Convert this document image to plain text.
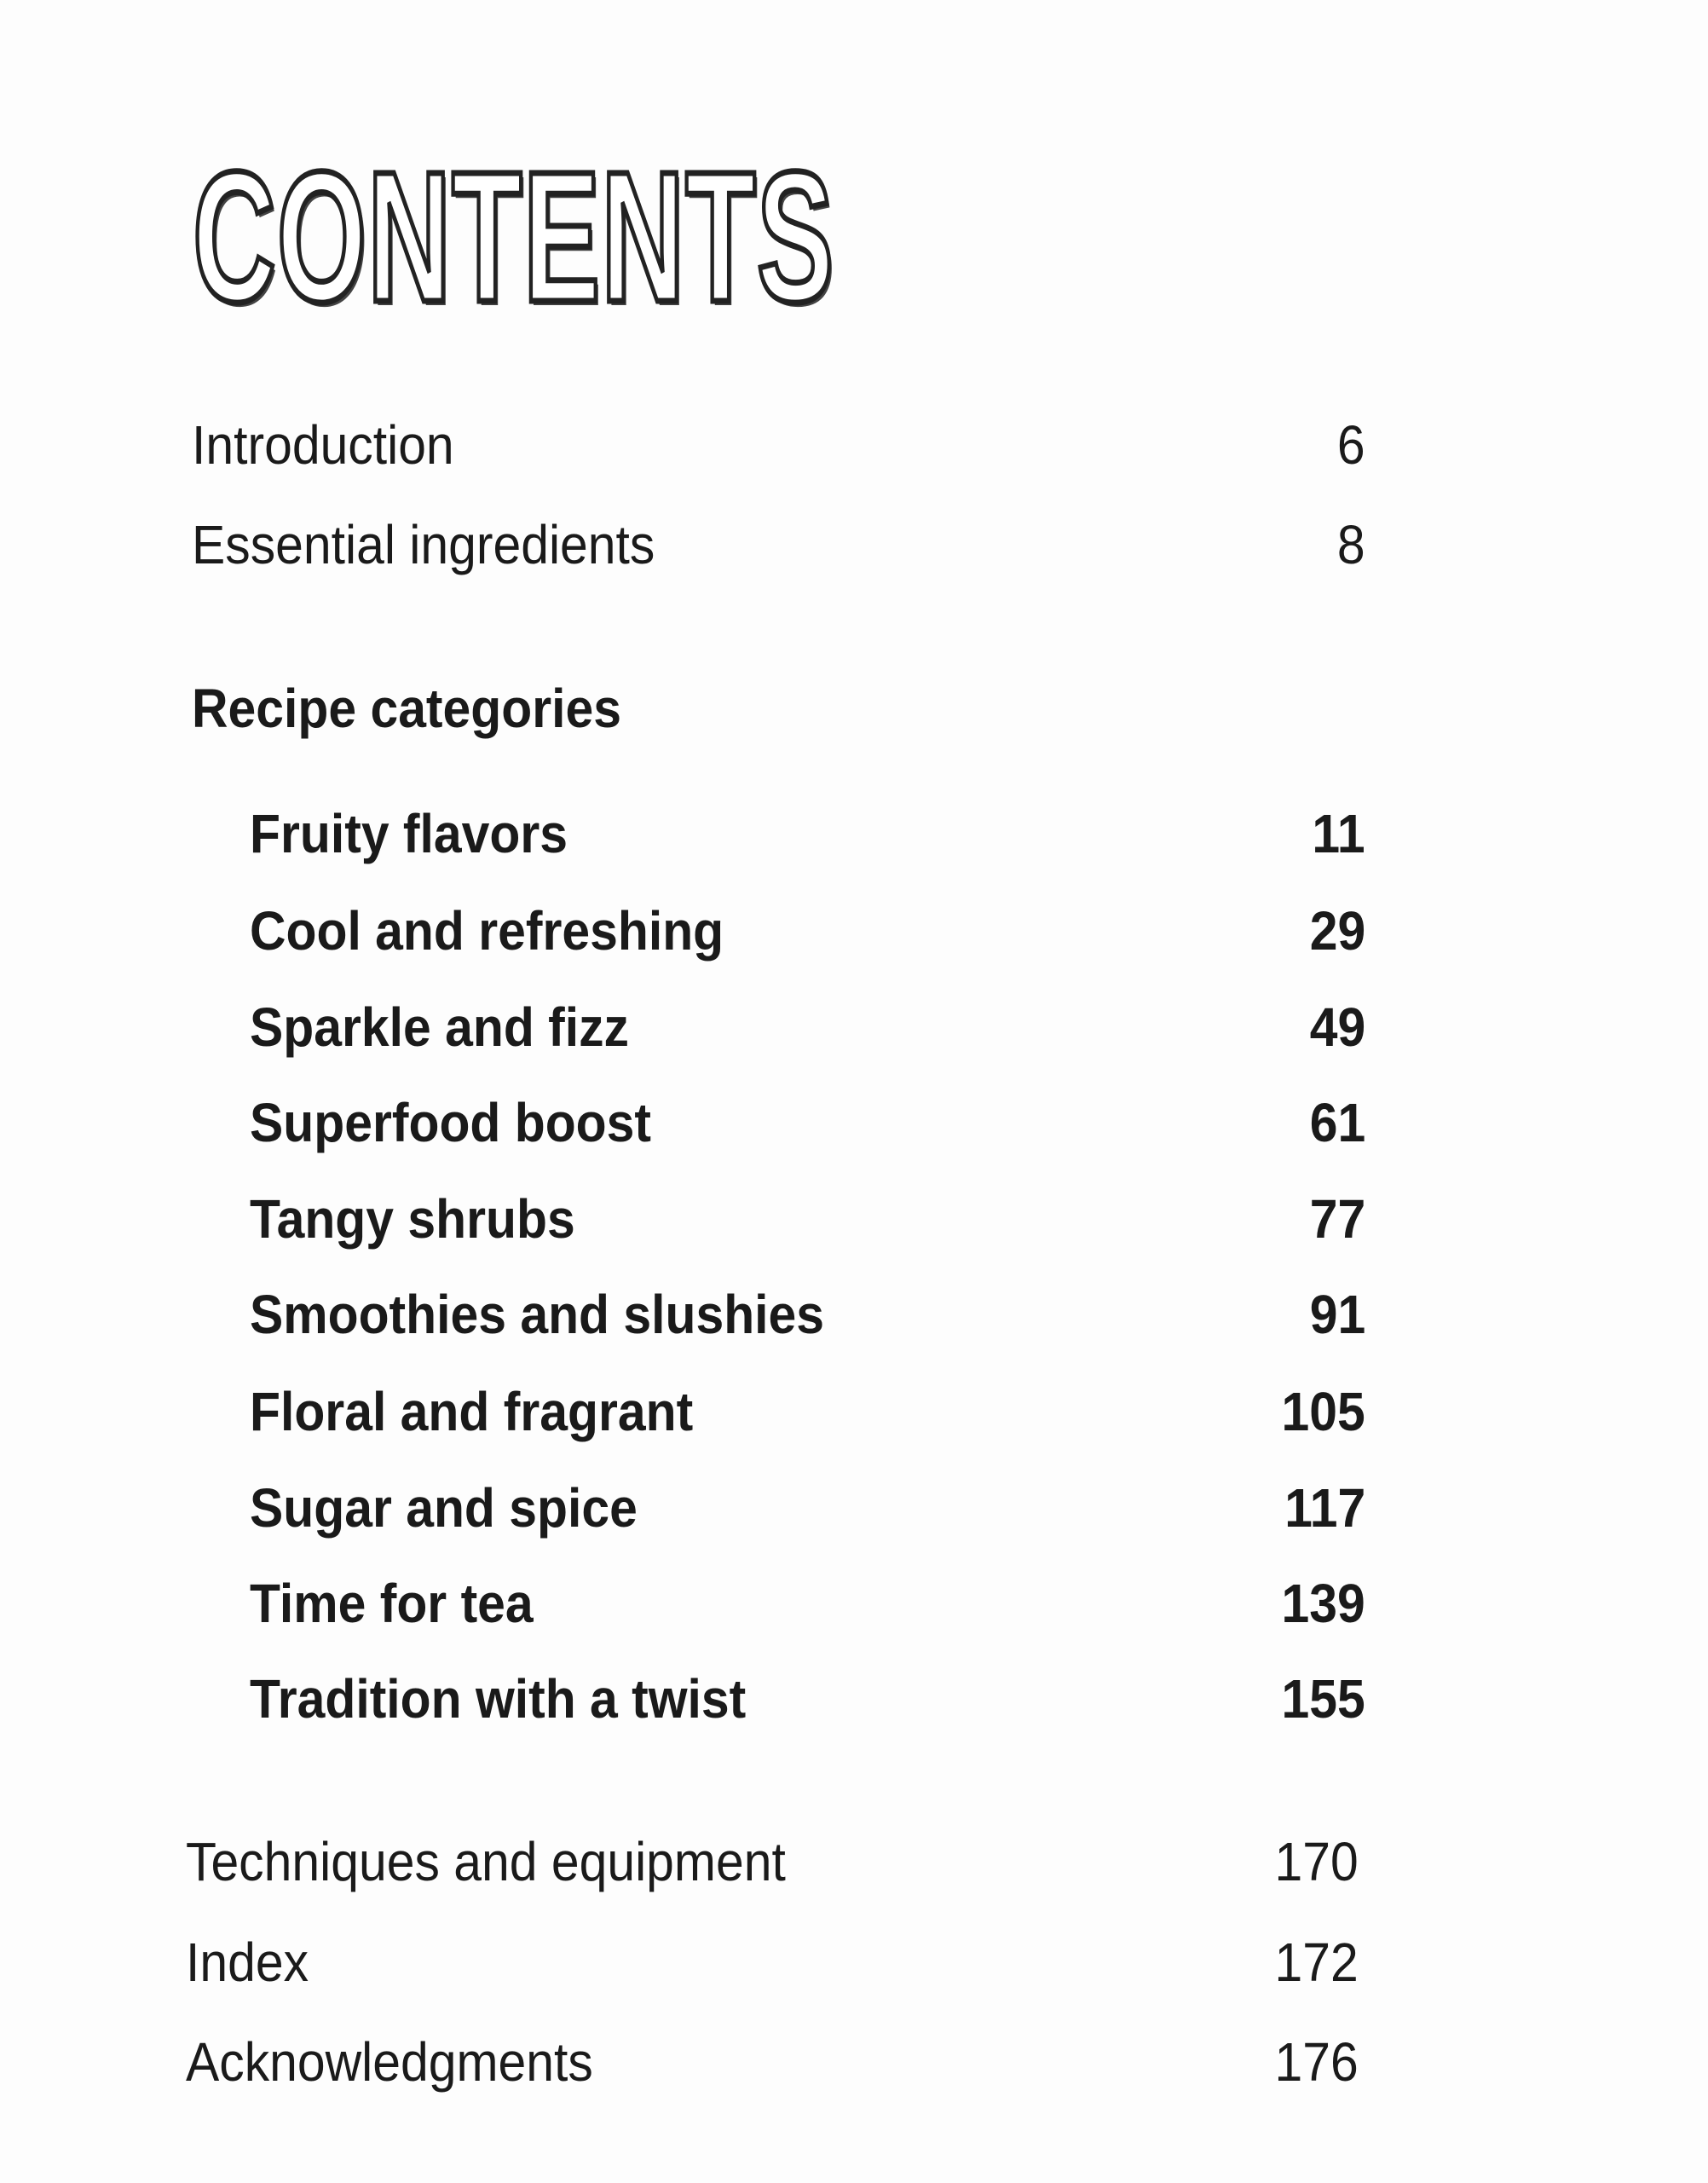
CONTENTS
Introduction	6
Essential ingredients	8
Recipe categories
Fruity flavors	11
Cool and refreshing	29
Sparkle and fizz	49
Superfood boost	61
Tangy shrubs	77
Smoothies and slushies	91
Floral and fragrant	105
Sugar and spice	117
Time for tea	139
Tradition with a twist	155
Techniques and equipment	170
Index	172
Acknowledgments	176
